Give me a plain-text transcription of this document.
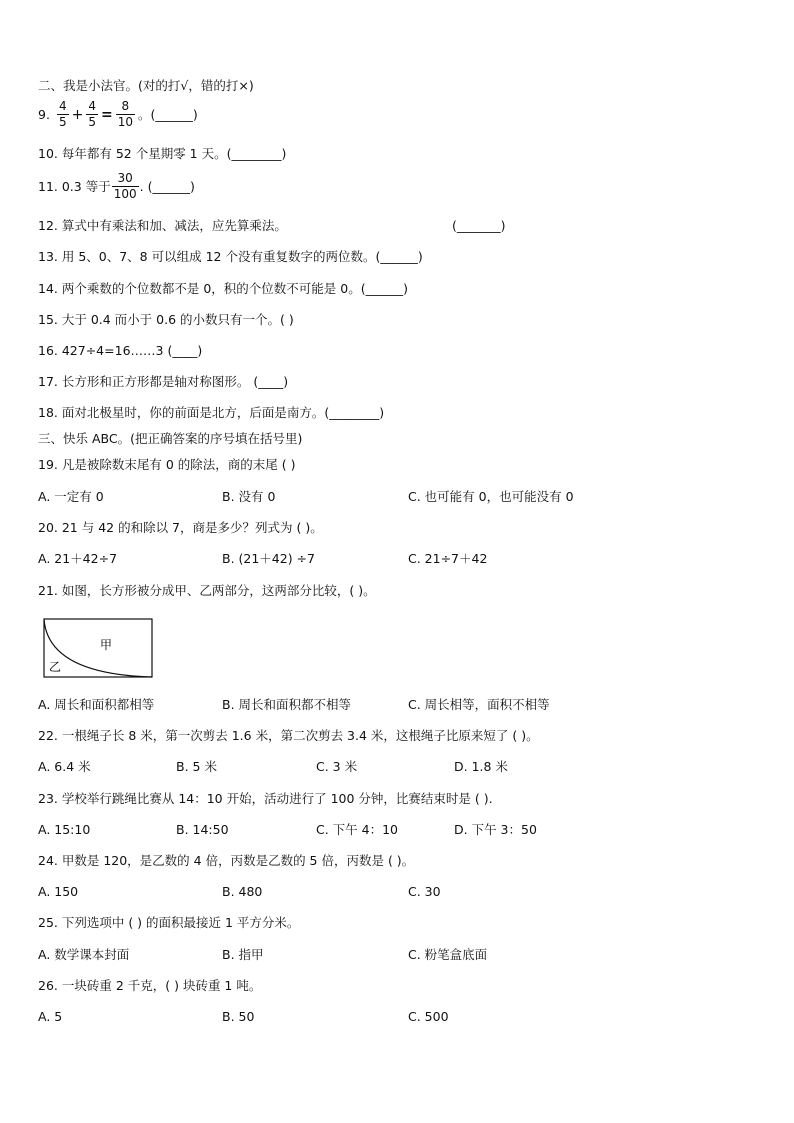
二、我是小法官。(对的打√，错的打×)
9. $\frac{4}{5} + \frac{4}{5} = \frac{8}{10}$ 。(______)
10. 每年都有 52 个星期零 1 天。(________)
11. 0.3 等于 $\frac{30}{100}$ . (______)
12. 算式中有乘法和加、减法，应先算乘法。	(_______)
13. 用 5、0、7、8 可以组成 12 个没有重复数字的两位数。(______)
14. 两个乘数的个位数都不是 0，积的个位数不可能是 0。(______)
15. 大于 0.4 而小于 0.6 的小数只有一个。( )
16. 427÷4=16……3 (____)
17. 长方形和正方形都是轴对称图形。 (____)
18. 面对北极星时，你的前面是北方，后面是南方。(________)
三、快乐 ABC。(把正确答案的序号填在括号里)
19. 凡是被除数末尾有 0 的除法，商的末尾 ( )
A. 一定有 0	B. 没有 0	C. 也可能有 0，也可能没有 0
20. 21 与 42 的和除以 7，商是多少？列式为 ( )。
A. 21＋42÷7	B. (21＋42) ÷7	C. 21÷7＋42
21. 如图，长方形被分成甲、乙两部分，这两部分比较，( )。
甲
乙
A. 周长和面积都相等	B. 周长和面积都不相等	C. 周长相等，面积不相等
22. 一根绳子长 8 米，第一次剪去 1.6 米，第二次剪去 3.4 米，这根绳子比原来短了 ( )。
A. 6.4 米	B. 5 米	C. 3 米	D. 1.8 米
23. 学校举行跳绳比赛从 14：10 开始，活动进行了 100 分钟，比赛结束时是 ( ).
A. 15:10	B. 14:50	C. 下午 4：10	D. 下午 3：50
24. 甲数是 120，是乙数的 4 倍，丙数是乙数的 5 倍，丙数是 ( )。
A. 150	B. 480	C. 30
25. 下列选项中 ( ) 的面积最接近 1 平方分米。
A. 数学课本封面	B. 指甲	C. 粉笔盒底面
26. 一块砖重 2 千克，( ) 块砖重 1 吨。
A. 5	B. 50	C. 500
